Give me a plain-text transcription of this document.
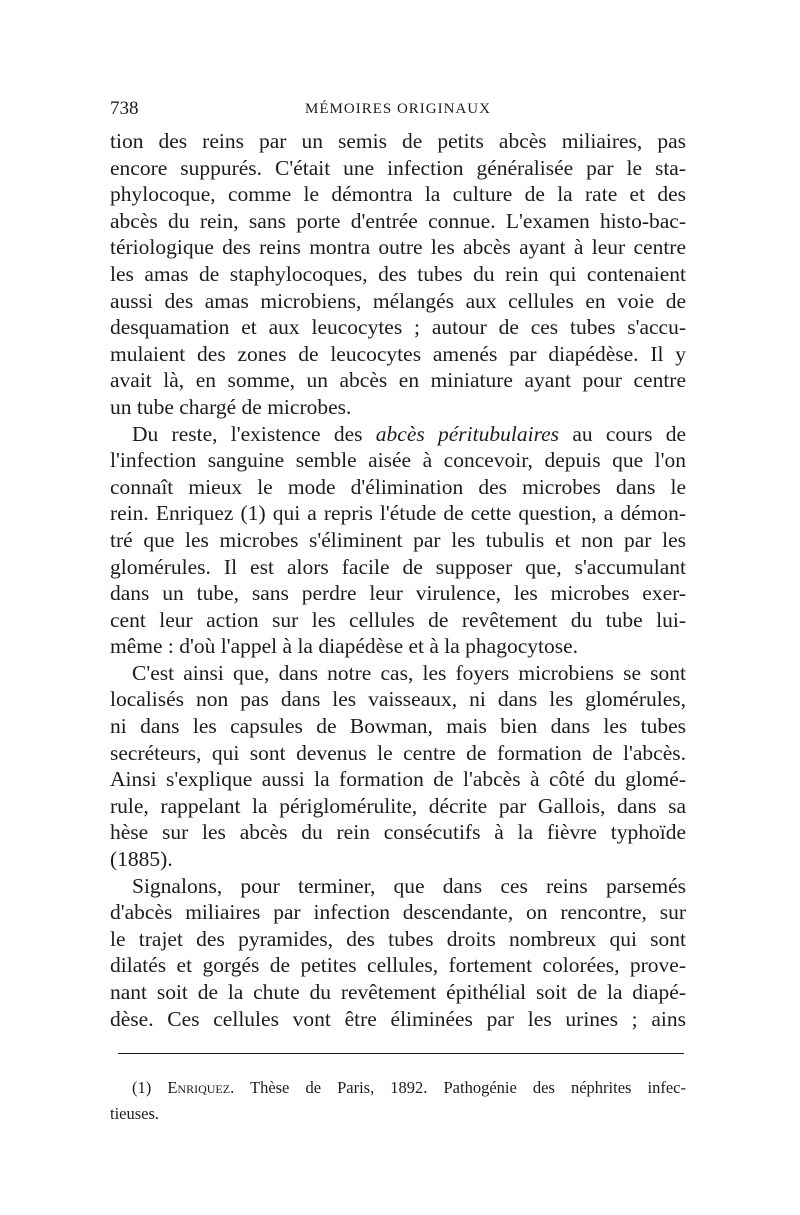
738	MÉMOIRES ORIGINAUX
tion des reins par un semis de petits abcès miliaires, pas
encore suppurés. C'était une infection généralisée par le sta-
phylocoque, comme le démontra la culture de la rate et des
abcès du rein, sans porte d'entrée connue. L'examen histo-bac-
tériologique des reins montra outre les abcès ayant à leur centre
les amas de staphylocoques, des tubes du rein qui contenaient
aussi des amas microbiens, mélangés aux cellules en voie de
desquamation et aux leucocytes ; autour de ces tubes s'accu-
mulaient des zones de leucocytes amenés par diapédèse. Il y
avait là, en somme, un abcès en miniature ayant pour centre
un tube chargé de microbes.
Du reste, l'existence des abcès péritubulaires au cours de
l'infection sanguine semble aisée à concevoir, depuis que l'on
connaît mieux le mode d'élimination des microbes dans le
rein. Enriquez (1) qui a repris l'étude de cette question, a démon-
tré que les microbes s'éliminent par les tubulis et non par les
glomérules. Il est alors facile de supposer que, s'accumulant
dans un tube, sans perdre leur virulence, les microbes exer-
cent leur action sur les cellules de revêtement du tube lui-
même : d'où l'appel à la diapédèse et à la phagocytose.
C'est ainsi que, dans notre cas, les foyers microbiens se sont
localisés non pas dans les vaisseaux, ni dans les glomérules,
ni dans les capsules de Bowman, mais bien dans les tubes
secréteurs, qui sont devenus le centre de formation de l'abcès.
Ainsi s'explique aussi la formation de l'abcès à côté du glomé-
rule, rappelant la périglomérulite, décrite par Gallois, dans sa
hèse sur les abcès du rein consécutifs à la fièvre typhoïde
(1885).
Signalons, pour terminer, que dans ces reins parsemés
d'abcès miliaires par infection descendante, on rencontre, sur
le trajet des pyramides, des tubes droits nombreux qui sont
dilatés et gorgés de petites cellules, fortement colorées, prove-
nant soit de la chute du revêtement épithélial soit de la diapé-
dèse. Ces cellules vont être éliminées par les urines ; ains
(1) Enriquez. Thèse de Paris, 1892. Pathogénie des néphrites infec-
tieuses.
